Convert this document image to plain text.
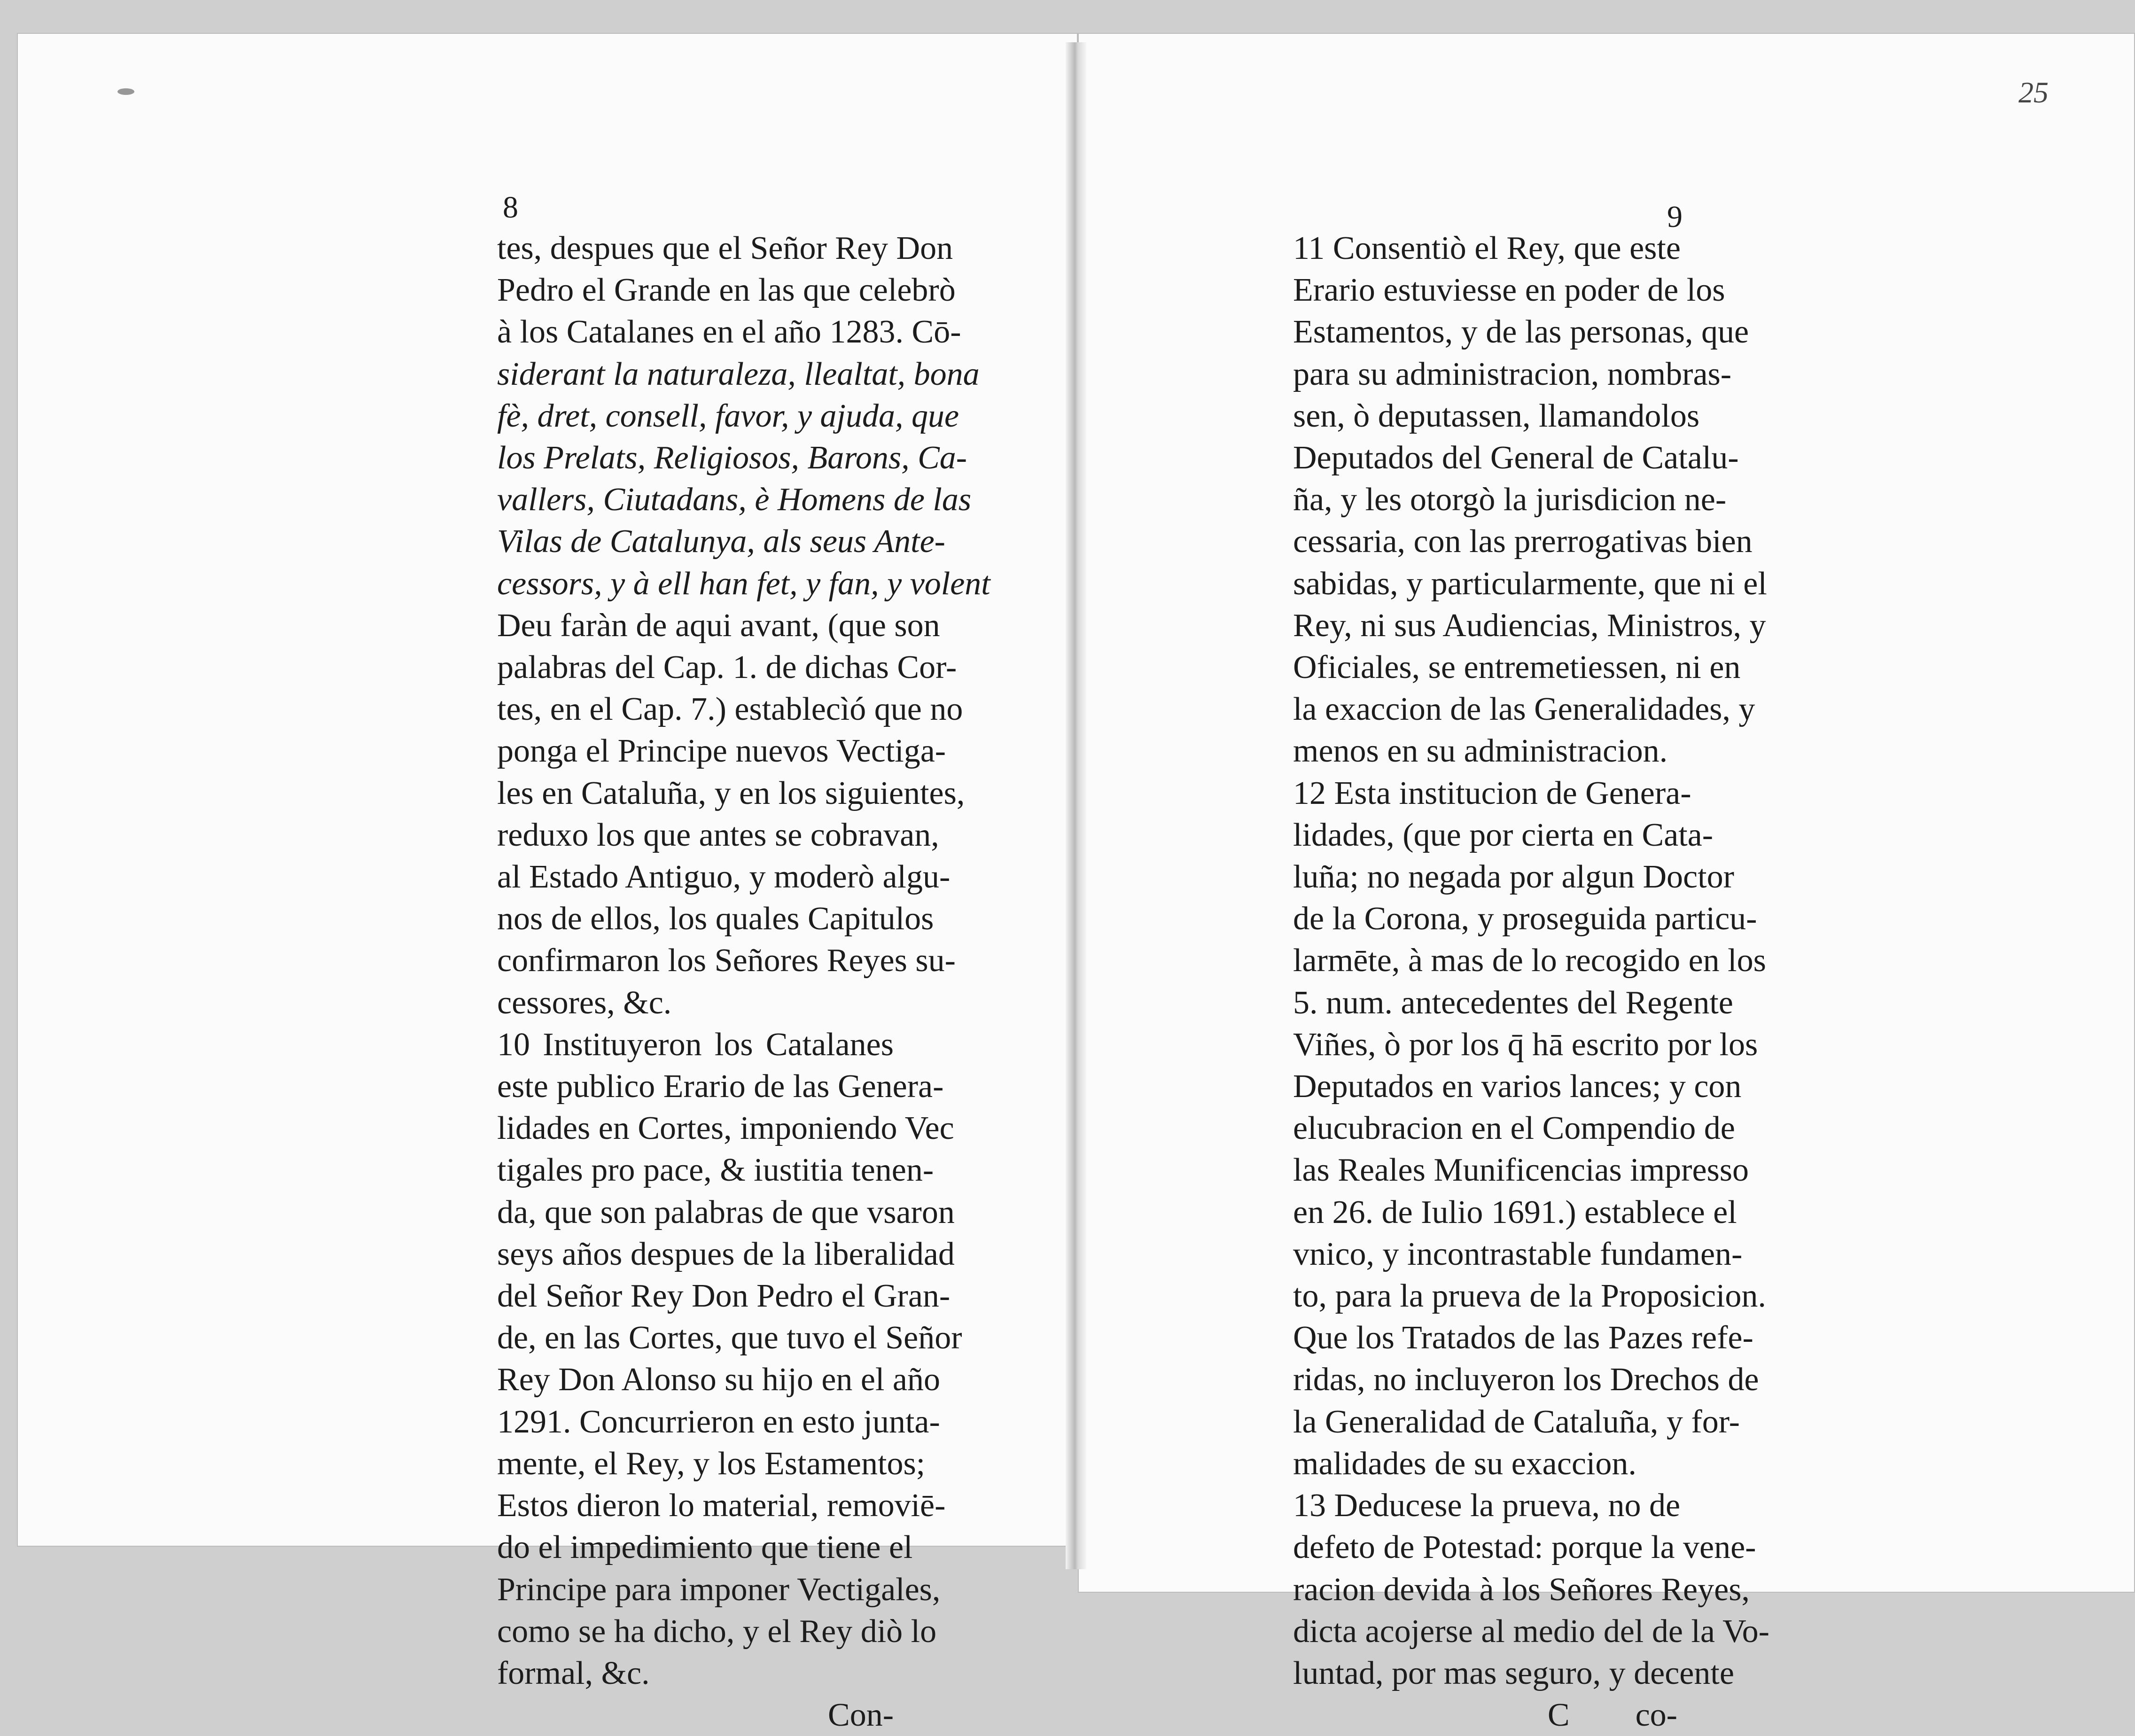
8
tes, despues que el Señor Rey Don
Pedro el Grande en las que celebrò
à los Catalanes en el año 1283. Cō-
siderant la naturaleza, llealtat, bona
fè, dret, consell, favor, y ajuda, que
los Prelats, Religiosos, Barons, Ca-
vallers, Ciutadans, è Homens de las
Vilas de Catalunya, als seus Ante-
cessors, y à ell han fet, y fan, y volent
Deu faràn de aqui avant, (que son
palabras del Cap. 1. de dichas Cor-
tes, en el Cap. 7.) establecìó que no
ponga el Principe nuevos Vectiga-
les en Cataluña, y en los siguientes,
reduxo los que antes se cobravan,
al Estado Antiguo, y moderò algu-
nos de ellos, los quales Capitulos
confirmaron los Señores Reyes su-
cessores, &c.
10 Instituyeron los Catalanes
este publico Erario de las Genera-
lidades en Cortes, imponiendo Vec
tigales pro pace, & iustitia tenen-
da, que son palabras de que vsaron
seys años despues de la liberalidad
del Señor Rey Don Pedro el Gran-
de, en las Cortes, que tuvo el Señor
Rey Don Alonso su hijo en el año
1291. Concurrieron en esto junta-
mente, el Rey, y los Estamentos;
Estos dieron lo material, removiē-
do el impedimiento que tiene el
Principe para imponer Vectigales,
como se ha dicho, y el Rey diò lo
formal, &c.
Con-
25
9
11 Consentiò el Rey, que este
Erario estuviesse en poder de los
Estamentos, y de las personas, que
para su administracion, nombras-
sen, ò deputassen, llamandolos
Deputados del General de Catalu-
ña, y les otorgò la jurisdicion ne-
cessaria, con las prerrogativas bien
sabidas, y particularmente, que ni el
Rey, ni sus Audiencias, Ministros, y
Oficiales, se entremetiessen, ni en
la exaccion de las Generalidades, y
menos en su administracion.
12 Esta institucion de Genera-
lidades, (que por cierta en Cata-
luña; no negada por algun Doctor
de la Corona, y proseguida particu-
larmēte, à mas de lo recogido en los
5. num. antecedentes del Regente
Viñes, ò por los q̄ hā escrito por los
Deputados en varios lances; y con
elucubracion en el Compendio de
las Reales Munificencias impresso
en 26. de Iulio 1691.) establece el
vnico, y incontrastable fundamen-
to, para la prueva de la Proposicion.
Que los Tratados de las Pazes refe-
ridas, no incluyeron los Drechos de
la Generalidad de Cataluña, y for-
malidades de su exaccion.
13 Deducese la prueva, no de
defeto de Potestad: porque la vene-
racion devida à los Señores Reyes,
dicta acojerse al medio del de la Vo-
luntad, por mas seguro, y decente
C        co-
